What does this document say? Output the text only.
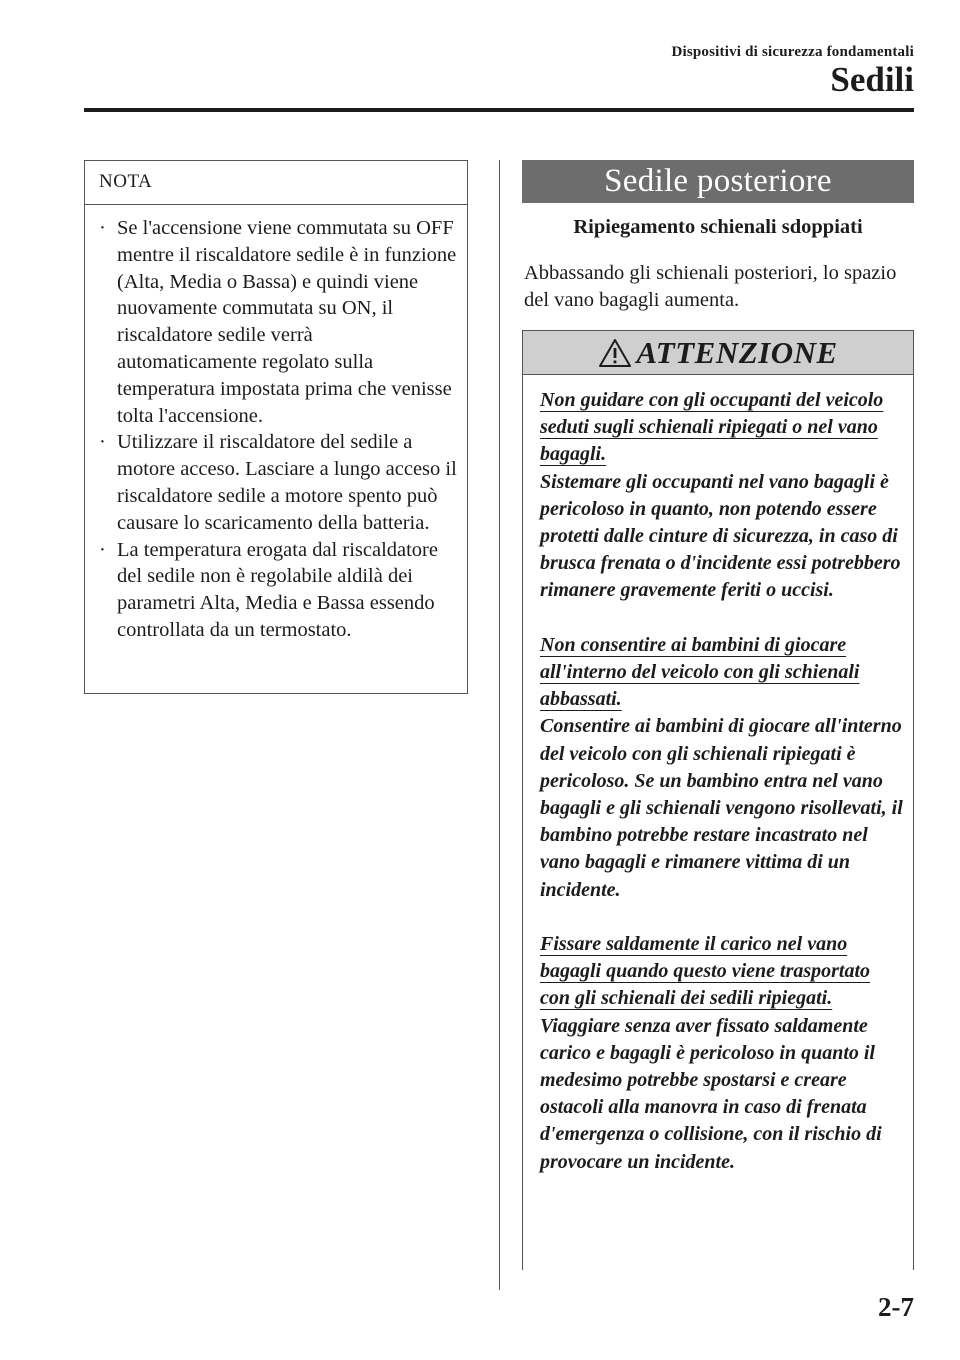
Dispositivi di sicurezza fondamentali
Sedili
NOTA
· Se l'accensione viene commutata su OFF mentre il riscaldatore sedile è in funzione (Alta, Media o Bassa) e quindi viene nuovamente commutata su ON, il riscaldatore sedile verrà automaticamente regolato sulla temperatura impostata prima che venisse tolta l'accensione.
· Utilizzare il riscaldatore del sedile a motore acceso. Lasciare a lungo acceso il riscaldatore sedile a motore spento può causare lo scaricamento della batteria.
· La temperatura erogata dal riscaldatore del sedile non è regolabile aldilà dei parametri Alta, Media e Bassa essendo controllata da un termostato.
Sedile posteriore
Ripiegamento schienali sdoppiati

Abbassando gli schienali posteriori, lo spazio del vano bagagli aumenta.

ATTENZIONE
Non guidare con gli occupanti del veicolo seduti sugli schienali ripiegati o nel vano bagagli.
Sistemare gli occupanti nel vano bagagli è pericoloso in quanto, non potendo essere protetti dalle cinture di sicurezza, in caso di brusca frenata o d'incidente essi potrebbero rimanere gravemente feriti o uccisi.
Non consentire ai bambini di giocare all'interno del veicolo con gli schienali abbassati.
Consentire ai bambini di giocare all'interno del veicolo con gli schienali ripiegati è pericoloso. Se un bambino entra nel vano bagagli e gli schienali vengono risollevati, il bambino potrebbe restare incastrato nel vano bagagli e rimanere vittima di un incidente.
Fissare saldamente il carico nel vano bagagli quando questo viene trasportato con gli schienali dei sedili ripiegati.
Viaggiare senza aver fissato saldamente carico e bagagli è pericoloso in quanto il medesimo potrebbe spostarsi e creare ostacoli alla manovra in caso di frenata d'emergenza o collisione, con il rischio di provocare un incidente.
2-7
